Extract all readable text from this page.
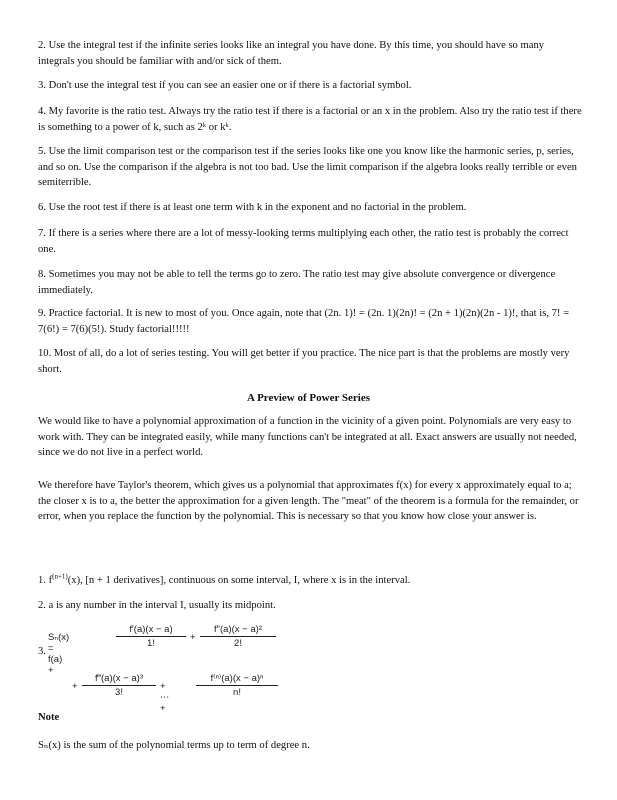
2. Use the integral test if the infinite series looks like an integral you have done. By this time, you should have so many integrals you should be familiar with and/or sick of them.

3. Don't use the integral test if you can see an easier one or if there is a factorial symbol.

4. My favorite is the ratio test. Always try the ratio test if there is a factorial or an x in the problem. Also try the ratio test if there is something to a power of k, such as 2ᵏ or kᵏ.

5. Use the limit comparison test or the comparison test if the series looks like one you know like the harmonic series, p, series, and so on. Use the comparison if the algebra is not too bad. Use the limit comparison if the algebra looks really terrible or even semiterrible.

6. Use the root test if there is at least one term with k in the exponent and no factorial in the problem.

7. If there is a series where there are a lot of messy-looking terms multiplying each other, the ratio test is probably the correct one.

8. Sometimes you may not be able to tell the terms go to zero. The ratio test may give absolute convergence or divergence immediately.

9. Practice factorial. It is new to most of you. Once again, note that (2n. 1)! = (2n. 1)(2n)! = (2n + 1)(2n)(2n - 1)!, that is, 7! = 7(6!) = 7(6)(5!). Study factorial!!!!!

10. Most of all, do a lot of series testing. You will get better if you practice. The nice part is that the problems are mostly very short.

A Preview of Power Series

We would like to have a polynomial approximation of a function in the vicinity of a given point. Polynomials are very easy to work with. They can be integrated easily, while many functions can't be integrated at all. Exact answers are usually not needed, since we do not live in a perfect world.

We therefore have Taylor's theorem, which gives us a polynomial that approximates f(x) for every x approximately equal to a; the closer x is to a, the better the approximation for a given length. The "meat" of the theorem is a formula for the remainder, or error, when you replace the function by the polynomial. This is necessary so that you know how close your answer is.

1. $f^{(n+1)}(x)$, [n + 1 derivatives], continuous on some interval, I, where x is in the interval.

2. a is any number in the interval I, usually its midpoint.

3.

Sₙ(x) = f(a) +
f′(a)(x − a)
1!
+
f″(a)(x − a)²
2!
+
f‴(a)(x − a)³
3!
+ ⋯ +
f⁽ⁿ⁾(a)(x − a)ⁿ
n!

Note

Sₙ(x) is the sum of the polynomial terms up to term of degree n.
